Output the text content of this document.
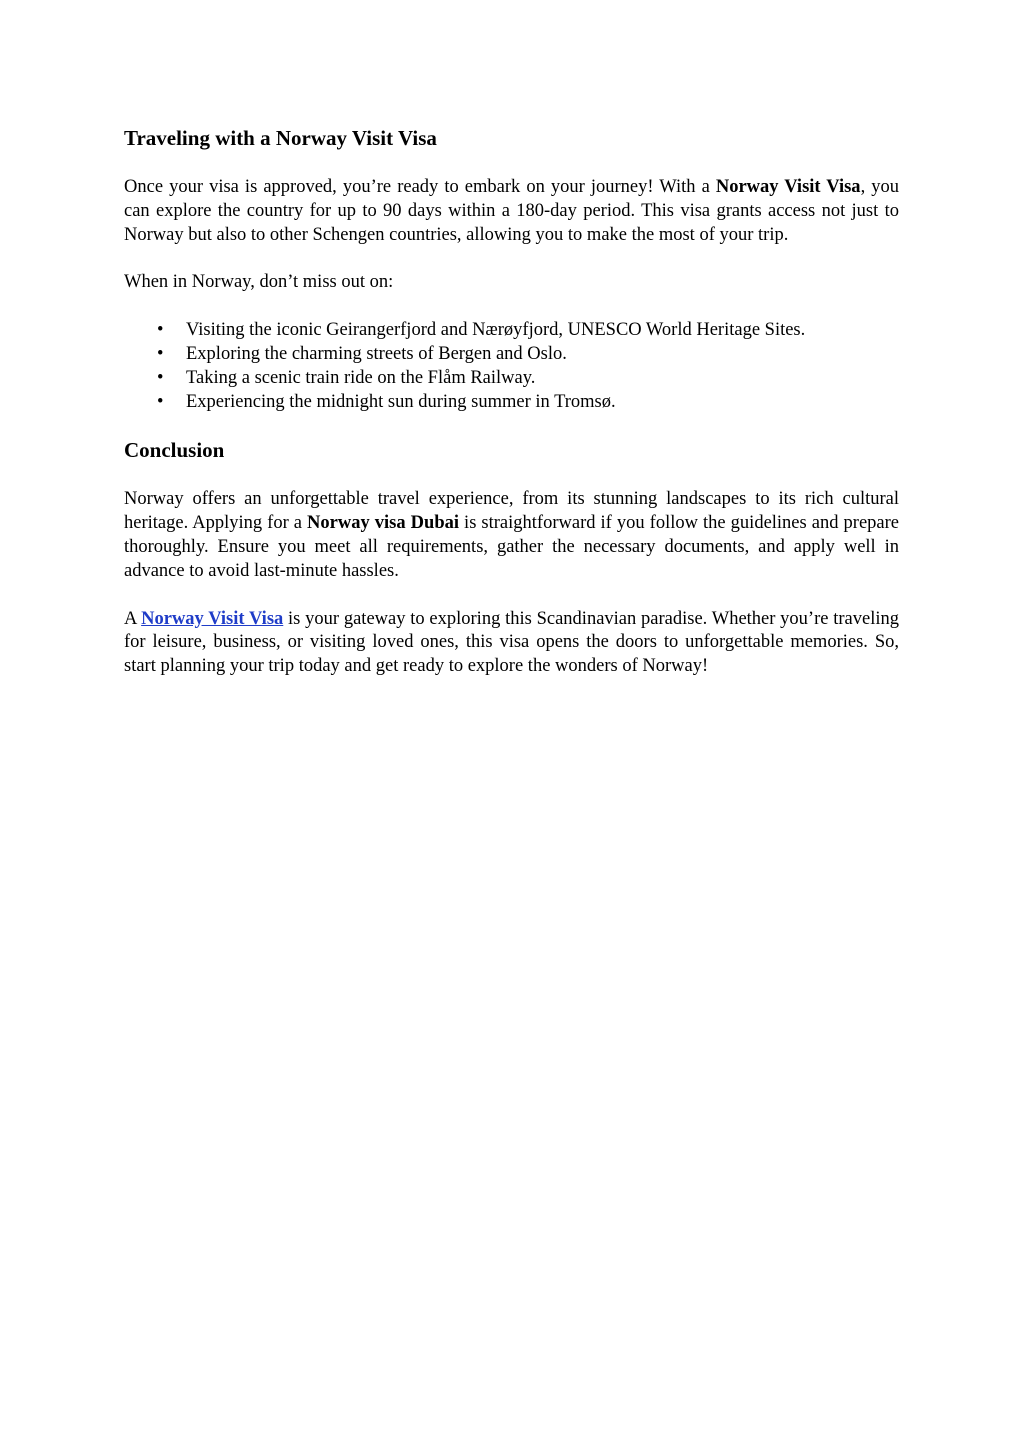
Traveling with a Norway Visit Visa

Once your visa is approved, you’re ready to embark on your journey! With a Norway Visit Visa, you can explore the country for up to 90 days within a 180-day period. This visa grants access not just to Norway but also to other Schengen countries, allowing you to make the most of your trip.

When in Norway, don’t miss out on:

• Visiting the iconic Geirangerfjord and Nærøyfjord, UNESCO World Heritage Sites.
• Exploring the charming streets of Bergen and Oslo.
• Taking a scenic train ride on the Flåm Railway.
• Experiencing the midnight sun during summer in Tromsø.
Conclusion

Norway offers an unforgettable travel experience, from its stunning landscapes to its rich cultural heritage. Applying for a Norway visa Dubai is straightforward if you follow the guidelines and prepare thoroughly. Ensure you meet all requirements, gather the necessary documents, and apply well in advance to avoid last-minute hassles.

A Norway Visit Visa is your gateway to exploring this Scandinavian paradise. Whether you’re traveling for leisure, business, or visiting loved ones, this visa opens the doors to unforgettable memories. So, start planning your trip today and get ready to explore the wonders of Norway!
